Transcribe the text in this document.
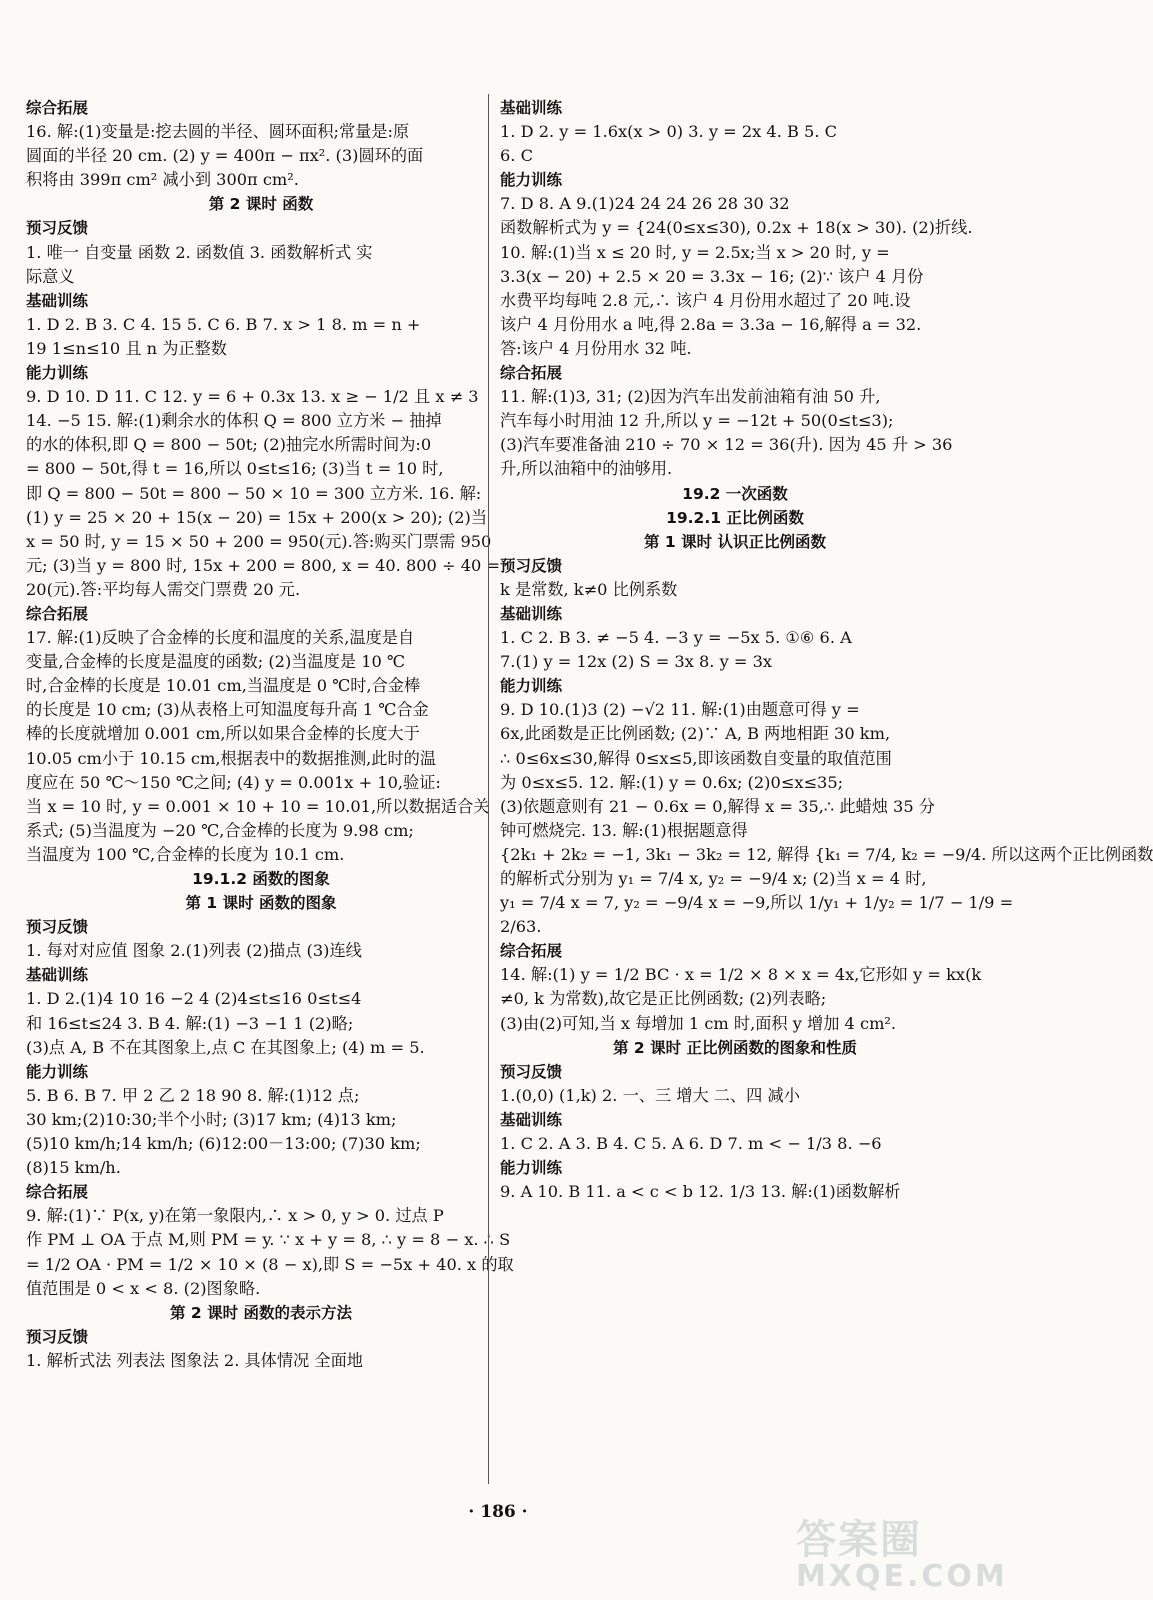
综合拓展
16. 解:(1)变量是:挖去圆的半径、圆环面积;常量是:原
圆面的半径 20 cm. (2) y = 400π − πx². (3)圆环的面
积将由 399π cm² 减小到 300π cm².
第 2 课时 函数
预习反馈
1. 唯一 自变量 函数 2. 函数值 3. 函数解析式 实
际意义
基础训练
1. D 2. B 3. C 4. 15 5. C 6. B 7. x > 1 8. m = n +
19 1≤n≤10 且 n 为正整数
能力训练
9. D 10. D 11. C 12. y = 6 + 0.3x 13. x ≥ − 1/2 且 x ≠ 3
14. −5 15. 解:(1)剩余水的体积 Q = 800 立方米 − 抽掉
的水的体积,即 Q = 800 − 50t; (2)抽完水所需时间为:0
= 800 − 50t,得 t = 16,所以 0≤t≤16; (3)当 t = 10 时,
即 Q = 800 − 50t = 800 − 50 × 10 = 300 立方米. 16. 解:
(1) y = 25 × 20 + 15(x − 20) = 15x + 200(x > 20); (2)当
x = 50 时, y = 15 × 50 + 200 = 950(元).答:购买门票需 950
元; (3)当 y = 800 时, 15x + 200 = 800, x = 40. 800 ÷ 40 =
20(元).答:平均每人需交门票费 20 元.
综合拓展
17. 解:(1)反映了合金棒的长度和温度的关系,温度是自
变量,合金棒的长度是温度的函数; (2)当温度是 10 ℃
时,合金棒的长度是 10.01 cm,当温度是 0 ℃时,合金棒
的长度是 10 cm; (3)从表格上可知温度每升高 1 ℃合金
棒的长度就增加 0.001 cm,所以如果合金棒的长度大于
10.05 cm小于 10.15 cm,根据表中的数据推测,此时的温
度应在 50 ℃～150 ℃之间; (4) y = 0.001x + 10,验证:
当 x = 10 时, y = 0.001 × 10 + 10 = 10.01,所以数据适合关
系式; (5)当温度为 −20 ℃,合金棒的长度为 9.98 cm;
当温度为 100 ℃,合金棒的长度为 10.1 cm.
19.1.2 函数的图象
第 1 课时 函数的图象
预习反馈
1. 每对对应值 图象 2.(1)列表 (2)描点 (3)连线
基础训练
1. D 2.(1)4 10 16 −2 4 (2)4≤t≤16 0≤t≤4
和 16≤t≤24 3. B 4. 解:(1) −3 −1 1 (2)略;
(3)点 A, B 不在其图象上,点 C 在其图象上; (4) m = 5.
能力训练
5. B 6. B 7. 甲 2 乙 2 18 90 8. 解:(1)12 点;
30 km;(2)10:30;半个小时; (3)17 km; (4)13 km;
(5)10 km/h;14 km/h; (6)12:00－13:00; (7)30 km;
(8)15 km/h.
综合拓展
9. 解:(1)∵ P(x, y)在第一象限内,∴ x > 0, y > 0. 过点 P
作 PM ⊥ OA 于点 M,则 PM = y. ∵ x + y = 8, ∴ y = 8 − x. ∴ S
= 1/2 OA · PM = 1/2 × 10 × (8 − x),即 S = −5x + 40. x 的取
值范围是 0 < x < 8. (2)图象略.
第 2 课时 函数的表示方法
预习反馈
1. 解析式法 列表法 图象法 2. 具体情况 全面地
基础训练
1. D 2. y = 1.6x(x > 0) 3. y = 2x 4. B 5. C
6. C
能力训练
7. D 8. A 9.(1)24 24 24 26 28 30 32
函数解析式为 y = {24(0≤x≤30), 0.2x + 18(x > 30). (2)折线.
10. 解:(1)当 x ≤ 20 时, y = 2.5x;当 x > 20 时, y =
3.3(x − 20) + 2.5 × 20 = 3.3x − 16; (2)∵ 该户 4 月份
水费平均每吨 2.8 元,∴ 该户 4 月份用水超过了 20 吨.设
该户 4 月份用水 a 吨,得 2.8a = 3.3a − 16,解得 a = 32.
答:该户 4 月份用水 32 吨.
综合拓展
11. 解:(1)3, 31; (2)因为汽车出发前油箱有油 50 升,
汽车每小时用油 12 升,所以 y = −12t + 50(0≤t≤3);
(3)汽车要准备油 210 ÷ 70 × 12 = 36(升). 因为 45 升 > 36
升,所以油箱中的油够用.
19.2 一次函数
19.2.1 正比例函数
第 1 课时 认识正比例函数
预习反馈
k 是常数, k≠0 比例系数
基础训练
1. C 2. B 3. ≠ −5 4. −3 y = −5x 5. ①⑥ 6. A
7.(1) y = 12x (2) S = 3x 8. y = 3x
能力训练
9. D 10.(1)3 (2) −√2 11. 解:(1)由题意可得 y =
6x,此函数是正比例函数; (2)∵ A, B 两地相距 30 km,
∴ 0≤6x≤30,解得 0≤x≤5,即该函数自变量的取值范围
为 0≤x≤5. 12. 解:(1) y = 0.6x; (2)0≤x≤35;
(3)依题意则有 21 − 0.6x = 0,解得 x = 35,∴ 此蜡烛 35 分
钟可燃烧完. 13. 解:(1)根据题意得
{2k₁ + 2k₂ = −1, 3k₁ − 3k₂ = 12, 解得 {k₁ = 7/4, k₂ = −9/4. 所以这两个正比例函数
的解析式分别为 y₁ = 7/4 x, y₂ = −9/4 x; (2)当 x = 4 时,
y₁ = 7/4 x = 7, y₂ = −9/4 x = −9,所以 1/y₁ + 1/y₂ = 1/7 − 1/9 =
2/63.
综合拓展
14. 解:(1) y = 1/2 BC · x = 1/2 × 8 × x = 4x,它形如 y = kx(k
≠0, k 为常数),故它是正比例函数; (2)列表略;
(3)由(2)可知,当 x 每增加 1 cm 时,面积 y 增加 4 cm².
第 2 课时 正比例函数的图象和性质
预习反馈
1.(0,0) (1,k) 2. 一、三 增大 二、四 减小
基础训练
1. C 2. A 3. B 4. C 5. A 6. D 7. m < − 1/3 8. −6
能力训练
9. A 10. B 11. a < c < b 12. 1/3 13. 解:(1)函数解析
· 186 ·
答案圈
MXQE.COM
